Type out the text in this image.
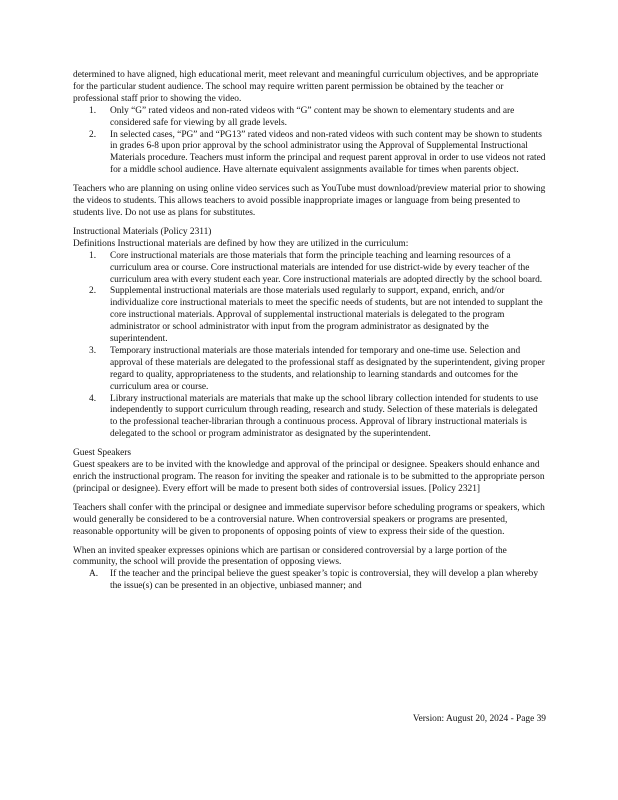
determined to have aligned, high educational merit, meet relevant and meaningful curriculum objectives, and be appropriate for the particular student audience. The school may require written parent permission be obtained by the teacher or professional staff prior to showing the video.

1. Only “G” rated videos and non-rated videos with “G” content may be shown to elementary students and are considered safe for viewing by all grade levels.
2. In selected cases, “PG” and “PG13” rated videos and non-rated videos with such content may be shown to students in grades 6-8 upon prior approval by the school administrator using the Approval of Supplemental Instructional Materials procedure. Teachers must inform the principal and request parent approval in order to use videos not rated for a middle school audience. Have alternate equivalent assignments available for times when parents object.

Teachers who are planning on using online video services such as YouTube must download/preview material prior to showing the videos to students. This allows teachers to avoid possible inappropriate images or language from being presented to students live. Do not use as plans for substitutes.

Instructional Materials (Policy 2311)

Definitions Instructional materials are defined by how they are utilized in the curriculum:

1. Core instructional materials are those materials that form the principle teaching and learning resources of a curriculum area or course. Core instructional materials are intended for use district-wide by every teacher of the curriculum area with every student each year. Core instructional materials are adopted directly by the school board.
2. Supplemental instructional materials are those materials used regularly to support, expand, enrich, and/or individualize core instructional materials to meet the specific needs of students, but are not intended to supplant the core instructional materials. Approval of supplemental instructional materials is delegated to the program administrator or school administrator with input from the program administrator as designated by the superintendent.
3. Temporary instructional materials are those materials intended for temporary and one-time use. Selection and approval of these materials are delegated to the professional staff as designated by the superintendent, giving proper regard to quality, appropriateness to the students, and relationship to learning standards and outcomes for the curriculum area or course.
4. Library instructional materials are materials that make up the school library collection intended for students to use independently to support curriculum through reading, research and study. Selection of these materials is delegated to the professional teacher-librarian through a continuous process. Approval of library instructional materials is delegated to the school or program administrator as designated by the superintendent.

Guest Speakers

Guest speakers are to be invited with the knowledge and approval of the principal or designee. Speakers should enhance and enrich the instructional program. The reason for inviting the speaker and rationale is to be submitted to the appropriate person (principal or designee). Every effort will be made to present both sides of controversial issues. [Policy 2321]

Teachers shall confer with the principal or designee and immediate supervisor before scheduling programs or speakers, which would generally be considered to be a controversial nature. When controversial speakers or programs are presented, reasonable opportunity will be given to proponents of opposing points of view to express their side of the question.

When an invited speaker expresses opinions which are partisan or considered controversial by a large portion of the community, the school will provide the presentation of opposing views.

A. If the teacher and the principal believe the guest speaker’s topic is controversial, they will develop a plan whereby the issue(s) can be presented in an objective, unbiased manner; and
Version: August 20, 2024 - Page 39
